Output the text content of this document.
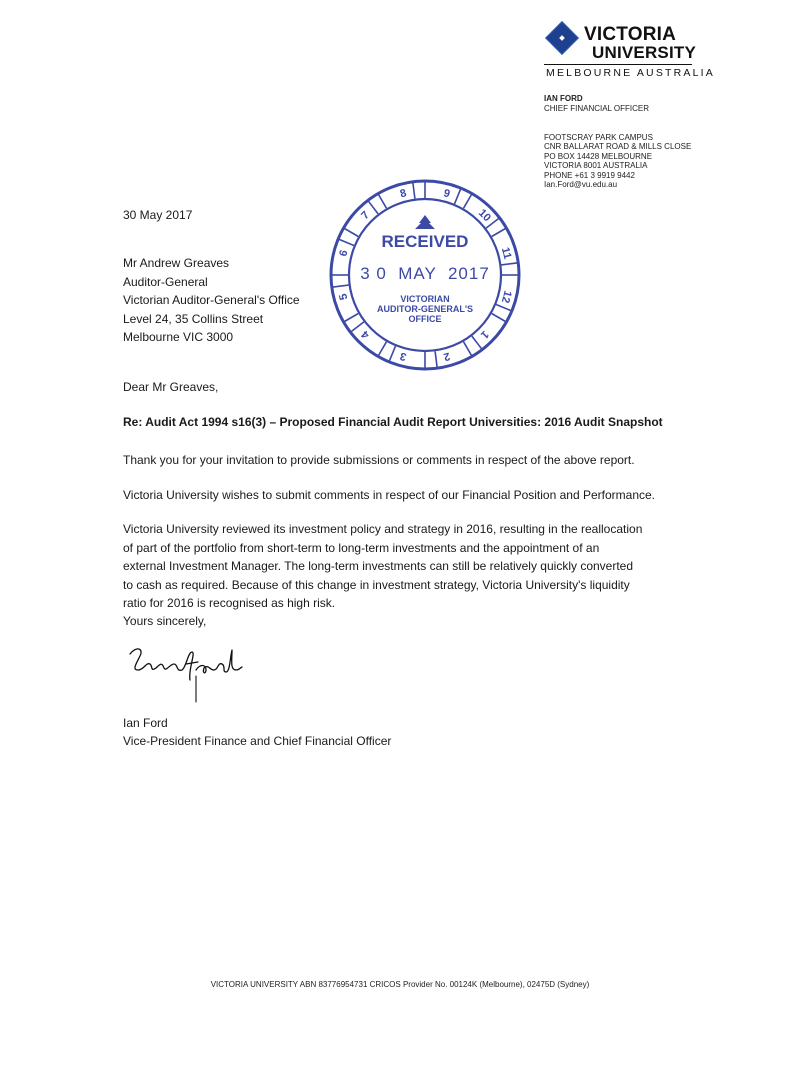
VICTORIA
UNIVERSITY
MELBOURNE AUSTRALIA
IAN FORD
CHIEF FINANCIAL OFFICER
FOOTSCRAY PARK CAMPUS
CNR BALLARAT ROAD & MILLS CLOSE
PO BOX 14428 MELBOURNE
VICTORIA 8001 AUSTRALIA
PHONE +61 3 9919 9442
Ian.Ford@vu.edu.au
8	9
10
11
12
1
2
3
4
5
6
7
RECEIVED
3 0  MAY  2017
VICTORIAN
AUDITOR-GENERAL'S
OFFICE
30 May 2017
Mr Andrew Greaves
Auditor-General
Victorian Auditor-General's Office
Level 24, 35 Collins Street
Melbourne VIC 3000
Dear Mr Greaves,
Re: Audit Act 1994 s16(3) – Proposed Financial Audit Report Universities: 2016 Audit Snapshot
Thank you for your invitation to provide submissions or comments in respect of the above report.
Victoria University wishes to submit comments in respect of our Financial Position and Performance.
Victoria University reviewed its investment policy and strategy in 2016, resulting in the reallocation of part of the portfolio from short-term to long-term investments and the appointment of an external Investment Manager. The long-term investments can still be relatively quickly converted to cash as required. Because of this change in investment strategy, Victoria University's liquidity ratio for 2016 is recognised as high risk.
Yours sincerely,
Ian Ford
Vice-President Finance and Chief Financial Officer
VICTORIA UNIVERSITY ABN 83776954731 CRICOS Provider No. 00124K (Melbourne), 02475D (Sydney)
